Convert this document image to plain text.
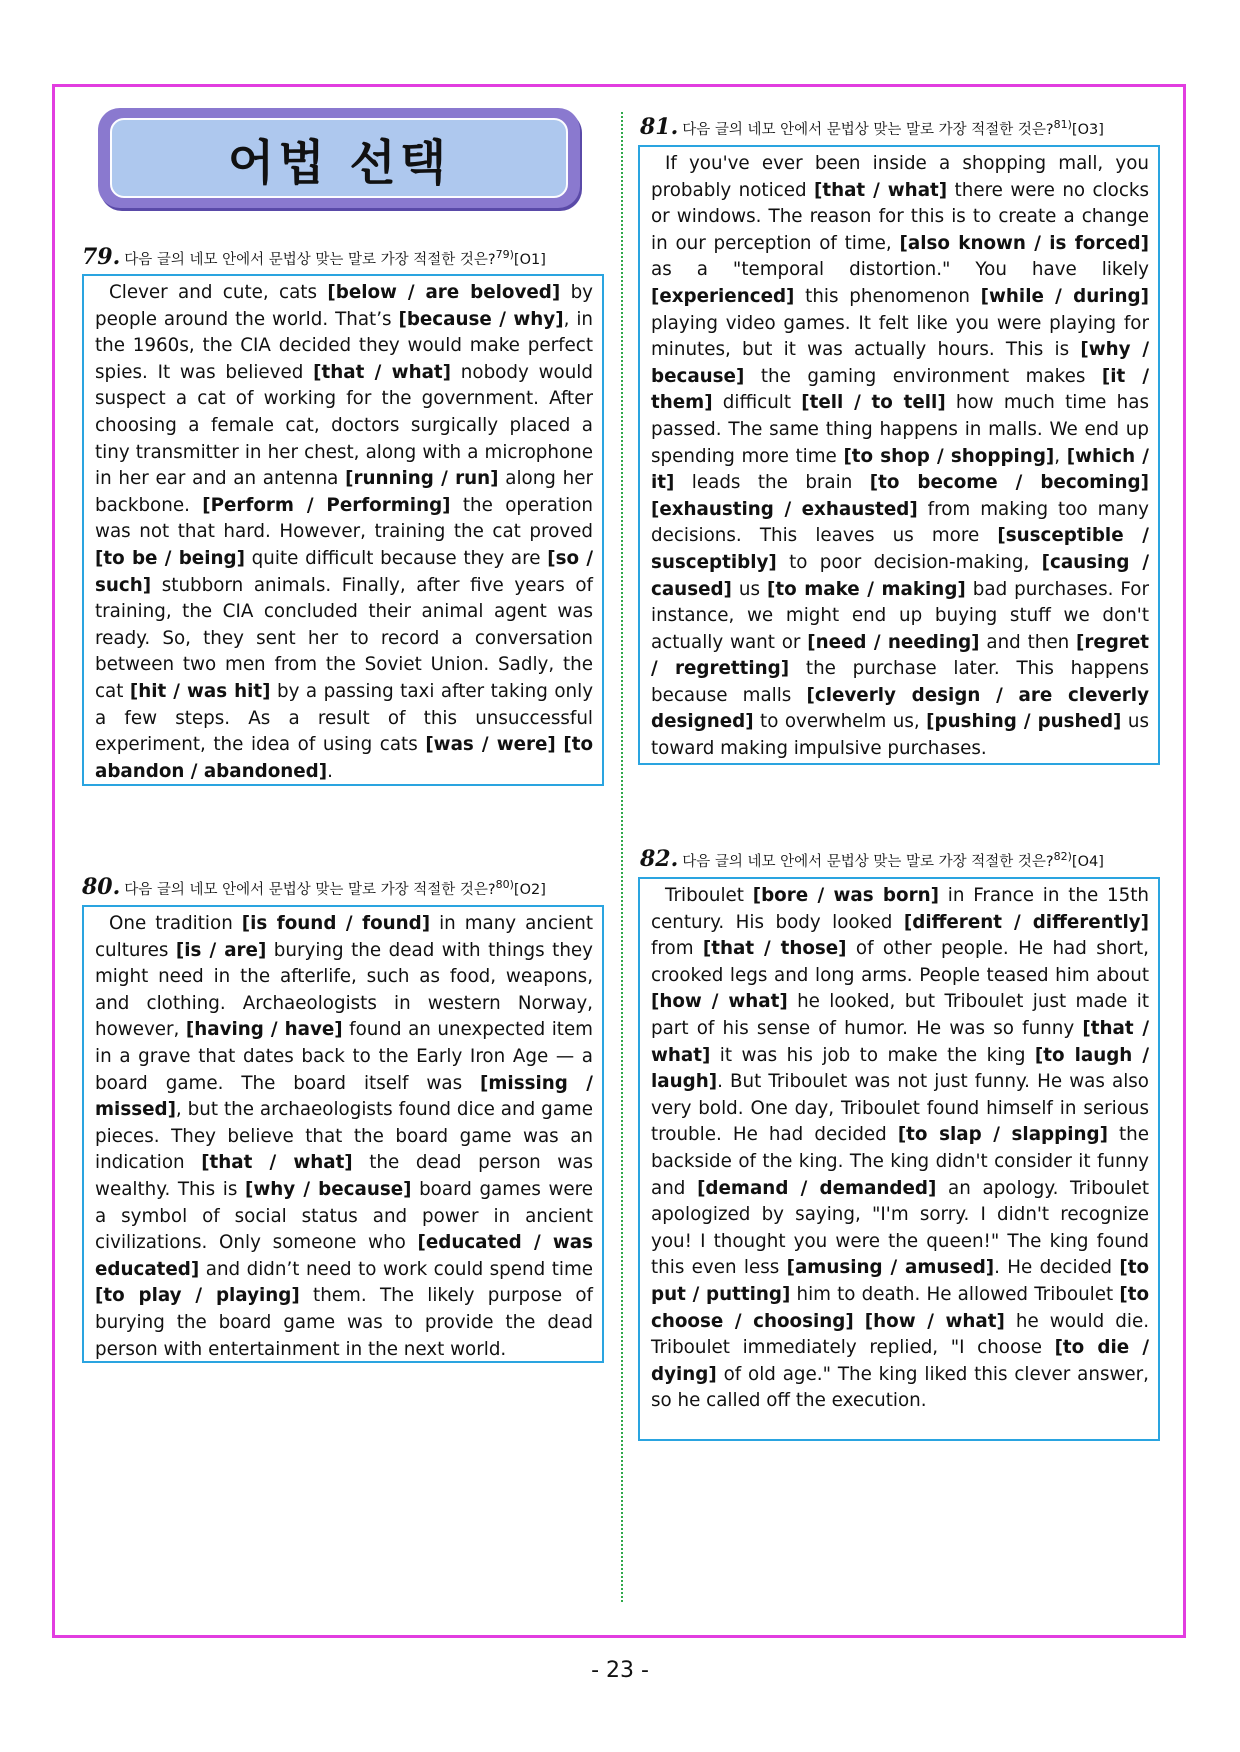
어법 선택
79. 다음 글의 네모 안에서 문법상 맞는 말로 가장 적절한 것은?$^{79)}$[O1]

Clever and cute, cats [below / are beloved] by people around the world. That’s [because / why], in the 1960s, the CIA decided they would make perfect spies. It was believed [that / what] nobody would suspect a cat of working for the government. After choosing a female cat, doctors surgically placed a tiny transmitter in her chest, along with a microphone in her ear and an antenna [running / run] along her backbone. [Perform / Performing] the operation was not that hard. However, training the cat proved [to be / being] quite difficult because they are [so / such] stubborn animals. Finally, after five years of training, the CIA concluded their animal agent was ready. So, they sent her to record a conversation between two men from the Soviet Union. Sadly, the cat [hit / was hit] by a passing taxi after taking only a few steps. As a result of this unsuccessful experiment, the idea of using cats [was / were] [to abandon / abandoned].

80. 다음 글의 네모 안에서 문법상 맞는 말로 가장 적절한 것은?$^{80)}$[O2]

One tradition [is found / found] in many ancient cultures [is / are] burying the dead with things they might need in the afterlife, such as food, weapons, and clothing. Archaeologists in western Norway, however, [having / have] found an unexpected item in a grave that dates back to the Early Iron Age — a board game. The board itself was [missing / missed], but the archaeologists found dice and game pieces. They believe that the board game was an indication [that / what] the dead person was wealthy. This is [why / because] board games were a symbol of social status and power in ancient civilizations. Only someone who [educated / was educated] and didn’t need to work could spend time [to play / playing] them. The likely purpose of burying the board game was to provide the dead person with entertainment in the next world.

81. 다음 글의 네모 안에서 문법상 맞는 말로 가장 적절한 것은?$^{81)}$[O3]

If you've ever been inside a shopping mall, you probably noticed [that / what] there were no clocks or windows. The reason for this is to create a change in our perception of time, [also known / is forced] as a "temporal distortion." You have likely [experienced] this phenomenon [while / during] playing video games. It felt like you were playing for minutes, but it was actually hours. This is [why / because] the gaming environment makes [it / them] difficult [tell / to tell] how much time has passed. The same thing happens in malls. We end up spending more time [to shop / shopping], [which / it] leads the brain [to become / becoming] [exhausting / exhausted] from making too many decisions. This leaves us more [susceptible / susceptibly] to poor decision-making, [causing / caused] us [to make / making] bad purchases. For instance, we might end up buying stuff we don't actually want or [need / needing] and then [regret / regretting] the purchase later. This happens because malls [cleverly design / are cleverly designed] to overwhelm us, [pushing / pushed] us toward making impulsive purchases.

82. 다음 글의 네모 안에서 문법상 맞는 말로 가장 적절한 것은?$^{82)}$[O4]

Triboulet [bore / was born] in France in the 15th century. His body looked [different / differently] from [that / those] of other people. He had short, crooked legs and long arms. People teased him about [how / what] he looked, but Triboulet just made it part of his sense of humor. He was so funny [that / what] it was his job to make the king [to laugh / laugh]. But Triboulet was not just funny. He was also very bold. One day, Triboulet found himself in serious trouble. He had decided [to slap / slapping] the backside of the king. The king didn't consider it funny and [demand / demanded] an apology. Triboulet apologized by saying, "I'm sorry. I didn't recognize you! I thought you were the queen!" The king found this even less [amusing / amused]. He decided [to put / putting] him to death. He allowed Triboulet [to choose / choosing] [how / what] he would die. Triboulet immediately replied, "I choose [to die / dying] of old age." The king liked this clever answer, so he called off the execution.

- 23 -
